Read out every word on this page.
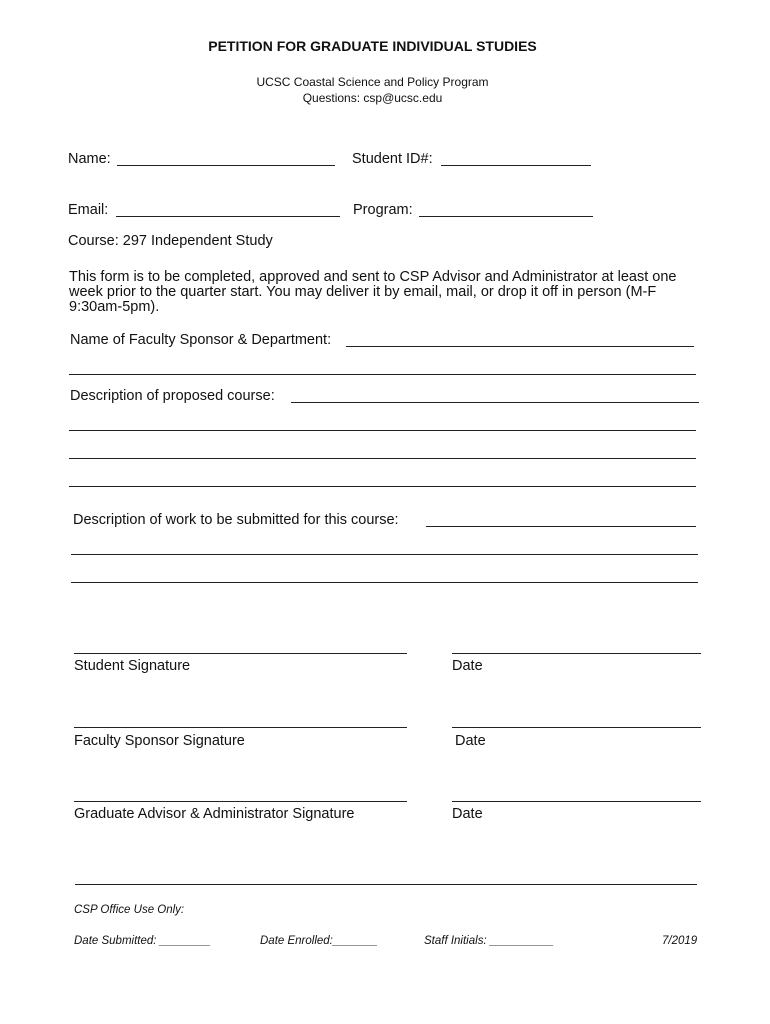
PETITION FOR GRADUATE INDIVIDUAL STUDIES
UCSC Coastal Science and Policy Program
Questions: csp@ucsc.edu
Name:	Student ID#:
Email:	Program:
Course: 297 Independent Study
This form is to be completed, approved and sent to CSP Advisor and Administrator at least one week prior to the quarter start. You may deliver it by email, mail, or drop it off in person (M-F 9:30am-5pm).
Name of Faculty Sponsor & Department:
Description of proposed course:
Description of work to be submitted for this course:
Student Signature	Date
Faculty Sponsor Signature	Date
Graduate Advisor & Administrator Signature	Date
CSP Office Use Only:
Date Submitted: ________	Date Enrolled:_______	Staff Initials: __________	7/2019
